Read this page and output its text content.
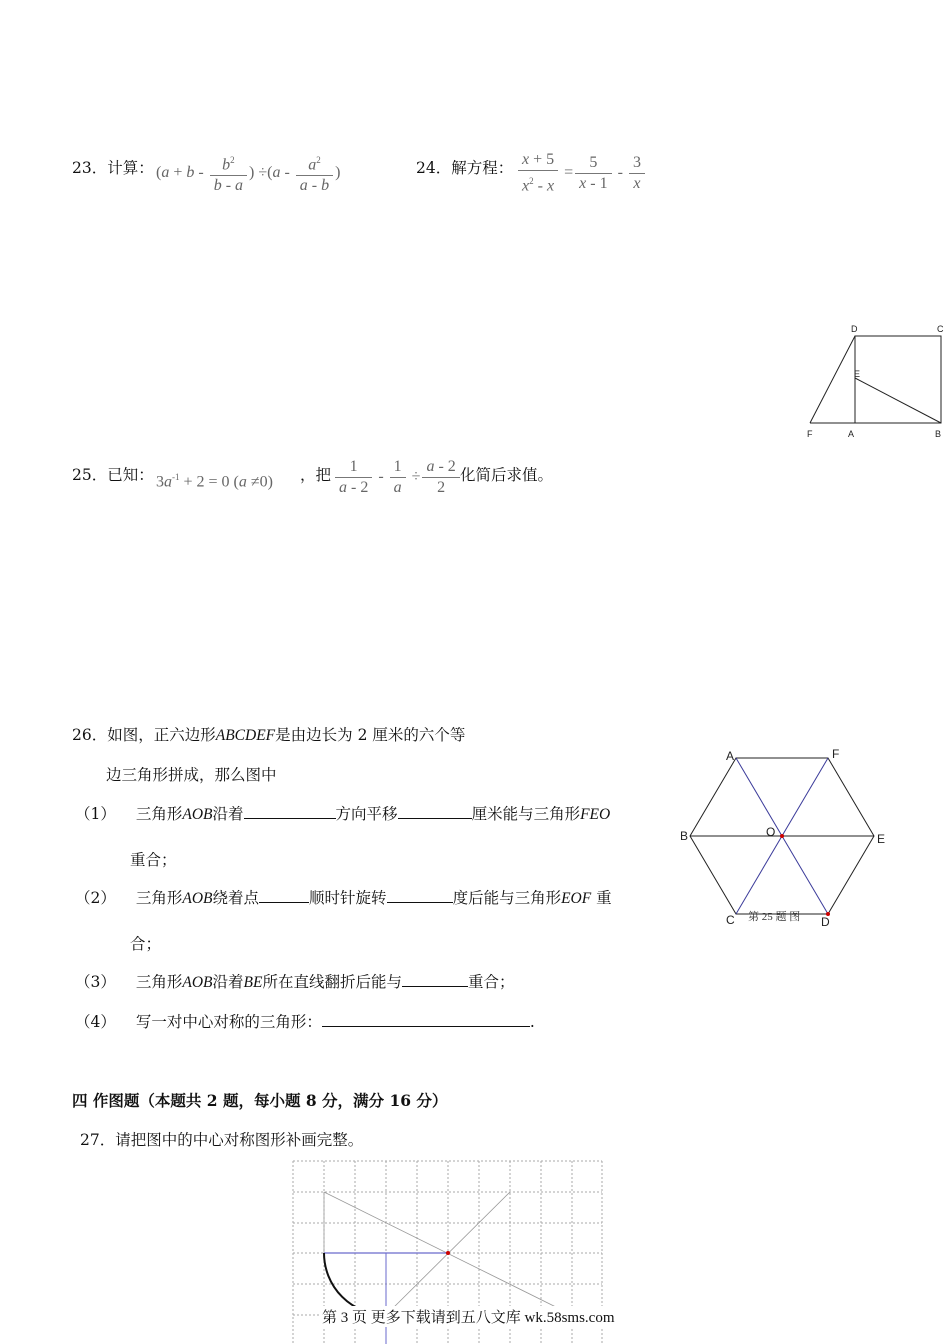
23．计算： ($a + b - \frac{b^2}{b - a}$ ) $\div(a - \frac{a^2}{a - b}$ )	24．解方程： $\frac{x + 5}{x^2 - x} = \frac{5}{x - 1} - \frac{3}{x}$
D	C
E
F	A	B
25．已知： $3a^{-1} + 2 = 0$ (a ≠0) ，把 $\frac{1}{a - 2} - \frac{1}{a} \div \frac{a - 2}{2}$ 化简后求值。
26．如图，正六边形ABCDEF是由边长为 2 厘米的六个等
边三角形拼成，那么图中
（1） 三角形AOB沿着	方向平移	厘米能与三角形FEO
重合；
（2） 三角形AOB绕着点	顺时针旋转	度后能与三角形EOF 重
合；
（3） 三角形AOB沿着BE所在直线翻折后能与	重合；
（4） 写一对中心对称的三角形：	.
A	F
B	O	E
C	D
第 25 题 图
四 作图题（本题共 2 题，每小题 8 分，满分 16 分）
27．请把图中的中心对称图形补画完整。
第 3 页 更多下载请到五八文库 wk.58sms.com
